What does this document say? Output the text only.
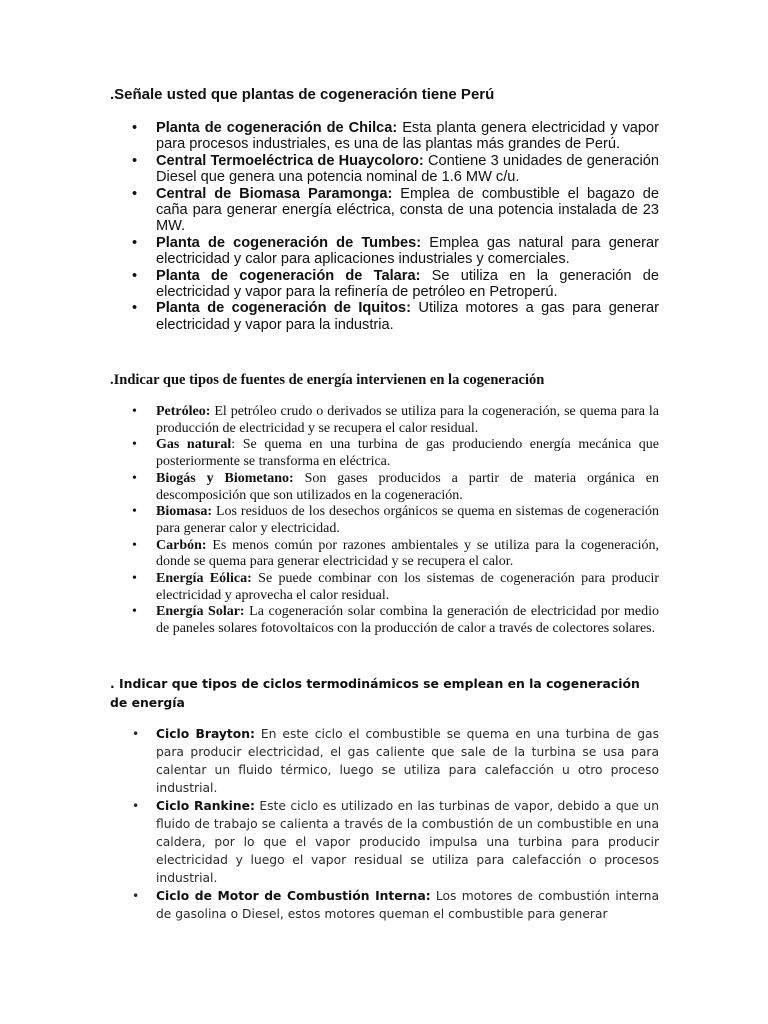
.Señale usted que plantas de cogeneración tiene Perú

• Planta de cogeneración de Chilca: Esta planta genera electricidad y vapor para procesos industriales, es una de las plantas más grandes de Perú.
• Central Termoeléctrica de Huaycoloro: Contiene 3 unidades de generación Diesel que genera una potencia nominal de 1.6 MW c/u.
• Central de Biomasa Paramonga: Emplea de combustible el bagazo de caña para generar energía eléctrica, consta de una potencia instalada de 23 MW.
• Planta de cogeneración de Tumbes: Emplea gas natural para generar electricidad y calor para aplicaciones industriales y comerciales.
• Planta de cogeneración de Talara: Se utiliza en la generación de electricidad y vapor para la refinería de petróleo en Petroperú.
• Planta de cogeneración de Iquitos: Utiliza motores a gas para generar electricidad y vapor para la industria.

.Indicar que tipos de fuentes de energía intervienen en la cogeneración

• Petróleo: El petróleo crudo o derivados se utiliza para la cogeneración, se quema para la producción de electricidad y se recupera el calor residual.
• Gas natural: Se quema en una turbina de gas produciendo energía mecánica que posteriormente se transforma en eléctrica.
• Biogás y Biometano: Son gases producidos a partir de materia orgánica en descomposición que son utilizados en la cogeneración.
• Biomasa: Los residuos de los desechos orgánicos se quema en sistemas de cogeneración para generar calor y electricidad.
• Carbón: Es menos común por razones ambientales y se utiliza para la cogeneración, donde se quema para generar electricidad y se recupera el calor.
• Energía Eólica: Se puede combinar con los sistemas de cogeneración para producir electricidad y aprovecha el calor residual.
• Energía Solar: La cogeneración solar combina la generación de electricidad por medio de paneles solares fotovoltaicos con la producción de calor a través de colectores solares.

. Indicar que tipos de ciclos termodinámicos se emplean en la cogeneración de energía

• Ciclo Brayton: En este ciclo el combustible se quema en una turbina de gas para producir electricidad, el gas caliente que sale de la turbina se usa para calentar un fluido térmico, luego se utiliza para calefacción u otro proceso industrial.
• Ciclo Rankine: Este ciclo es utilizado en las turbinas de vapor, debido a que un fluido de trabajo se calienta a través de la combustión de un combustible en una caldera, por lo que el vapor producido impulsa una turbina para producir electricidad y luego el vapor residual se utiliza para calefacción o procesos industrial.
• Ciclo de Motor de Combustión Interna: Los motores de combustión interna de gasolina o Diesel, estos motores queman el combustible para generar
